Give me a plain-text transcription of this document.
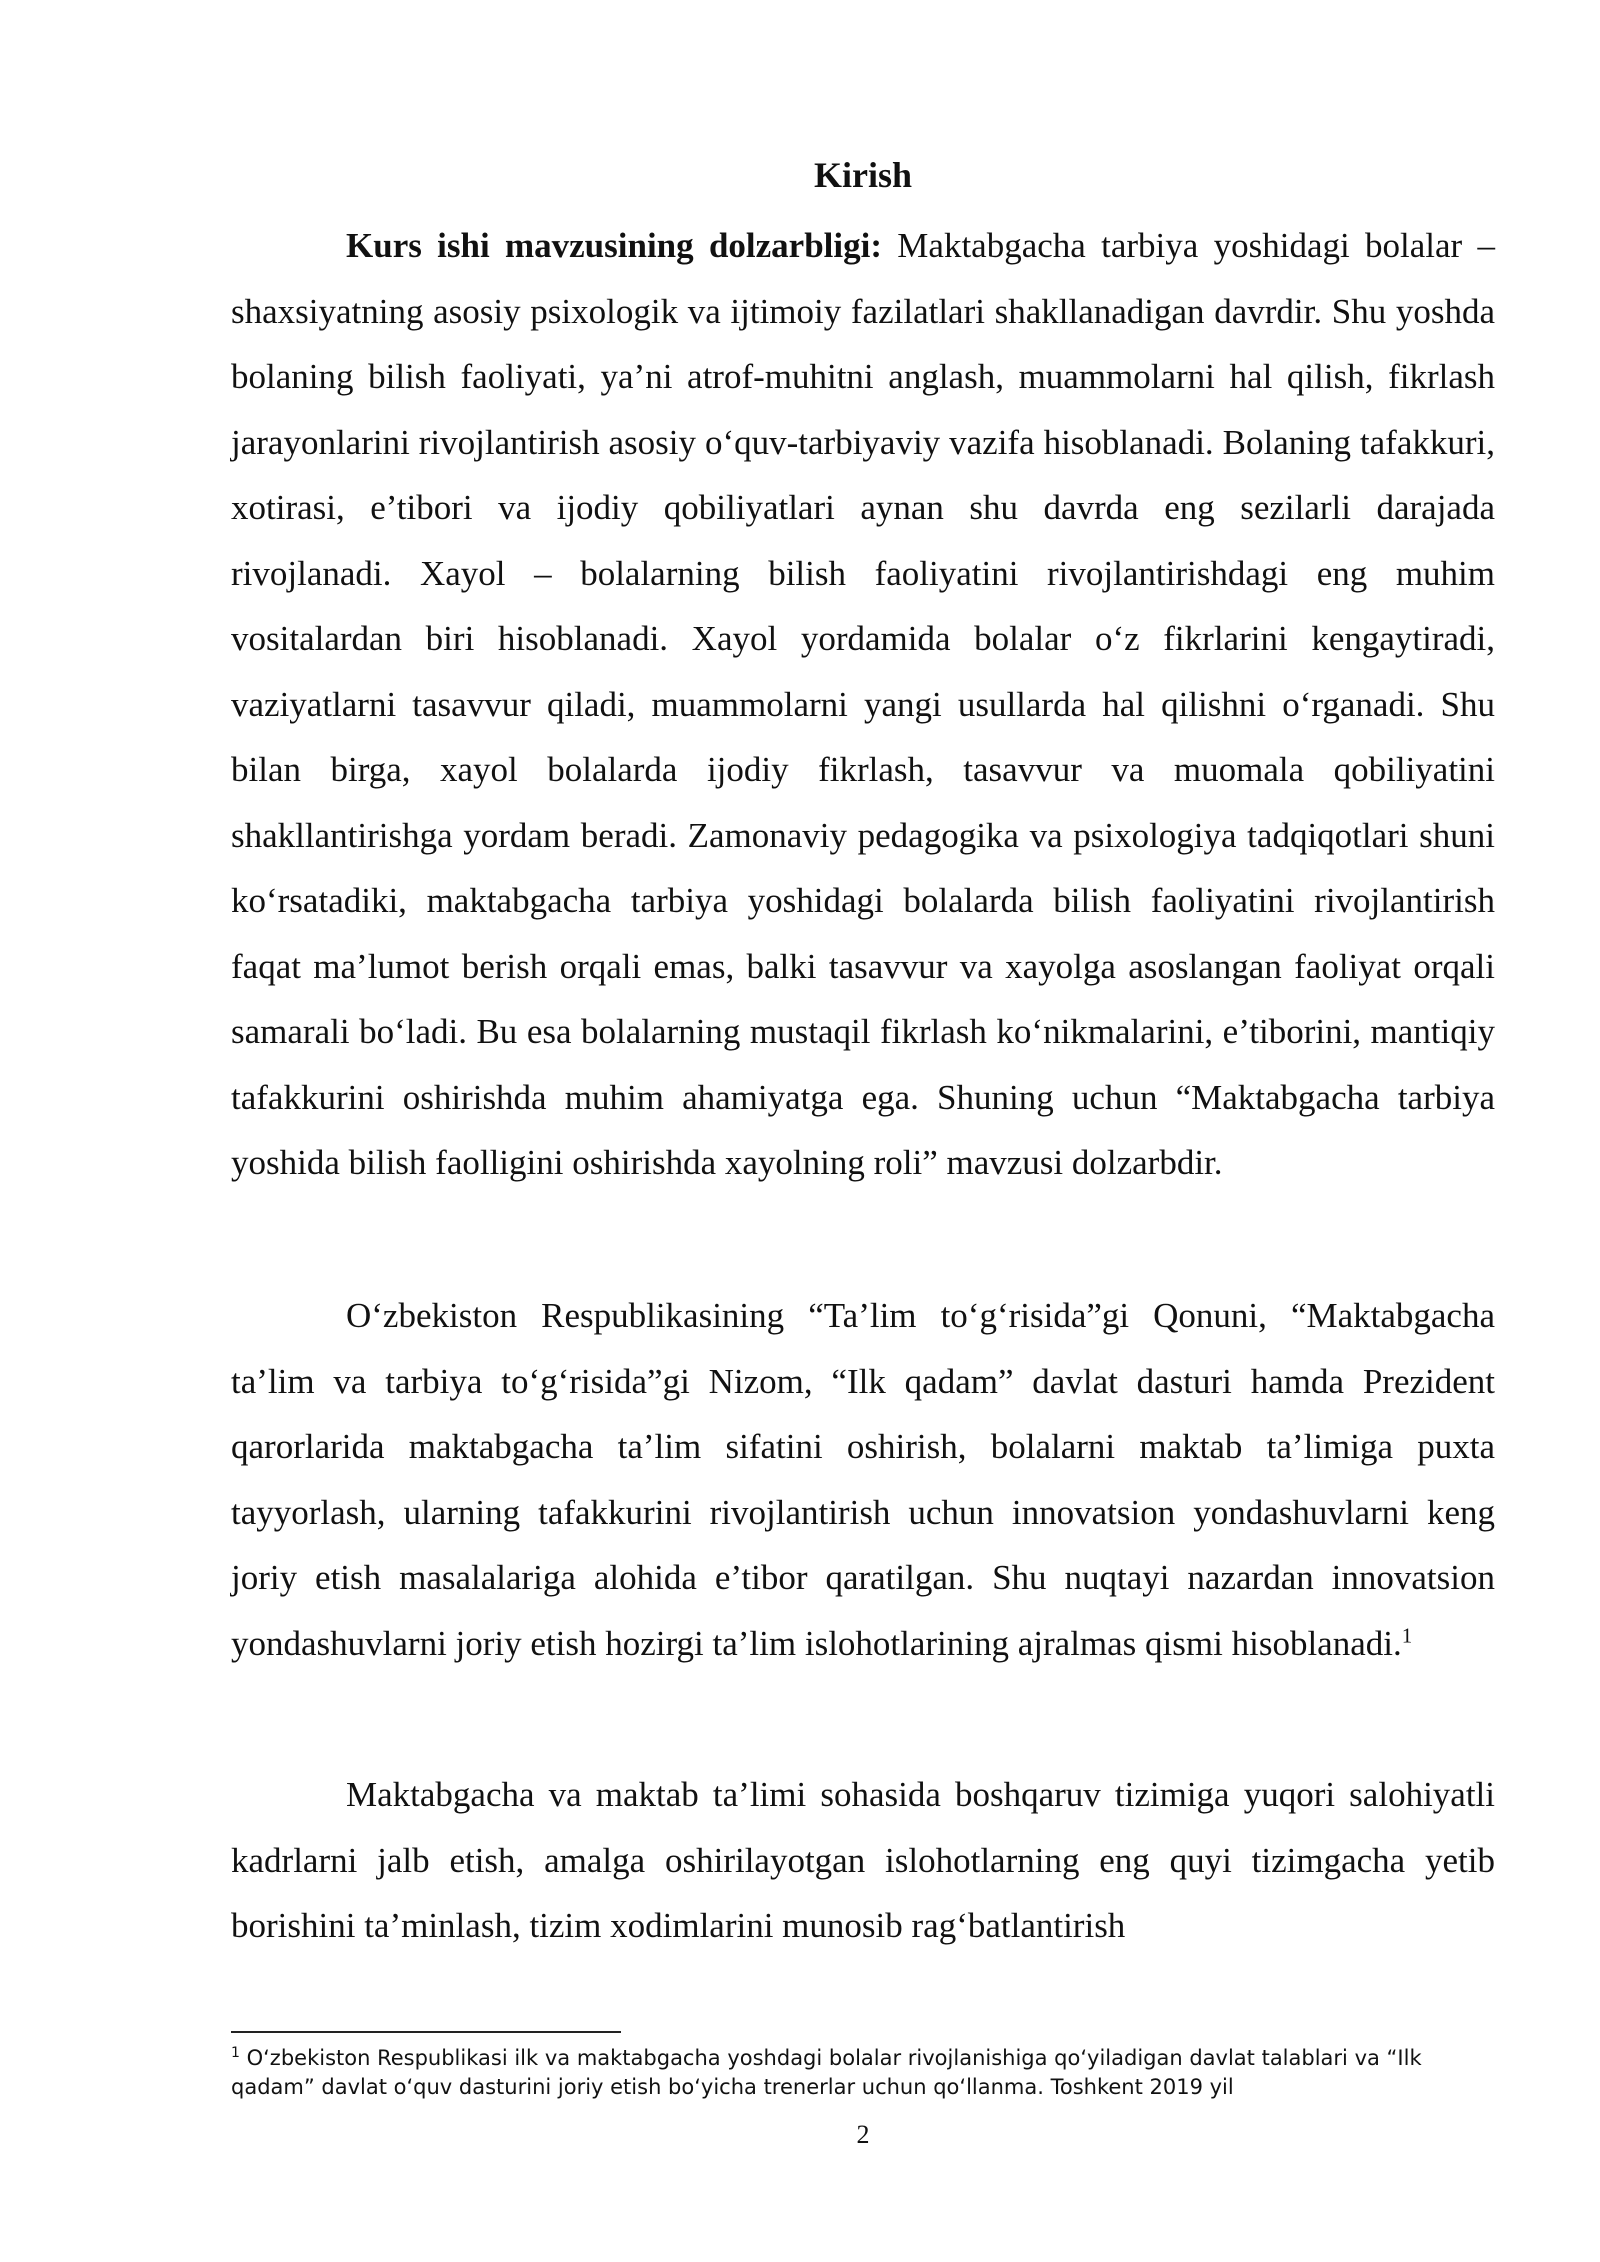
Kirish

Kurs ishi mavzusining dolzarbligi: Maktabgacha tarbiya yoshidagi bolalar – shaxsiyatning asosiy psixologik va ijtimoiy fazilatlari shakllanadigan davrdir. Shu yoshda bolaning bilish faoliyati, ya’ni atrof-muhitni anglash, muammolarni hal qilish, fikrlash jarayonlarini rivojlantirish asosiy o‘quv-tarbiyaviy vazifa hisoblanadi. Bolaning tafakkuri, xotirasi, e’tibori va ijodiy qobiliyatlari aynan shu davrda eng sezilarli darajada rivojlanadi. Xayol – bolalarning bilish faoliyatini rivojlantirishdagi eng muhim vositalardan biri hisoblanadi. Xayol yordamida bolalar o‘z fikrlarini kengaytiradi, vaziyatlarni tasavvur qiladi, muammolarni yangi usullarda hal qilishni o‘rganadi. Shu bilan birga, xayol bolalarda ijodiy fikrlash, tasavvur va muomala qobiliyatini shakllantirishga yordam beradi. Zamonaviy pedagogika va psixologiya tadqiqotlari shuni ko‘rsatadiki, maktabgacha tarbiya yoshidagi bolalarda bilish faoliyatini rivojlantirish faqat ma’lumot berish orqali emas, balki tasavvur va xayolga asoslangan faoliyat orqali samarali bo‘ladi. Bu esa bolalarning mustaqil fikrlash ko‘nikmalarini, e’tiborini, mantiqiy tafakkurini oshirishda muhim ahamiyatga ega. Shuning uchun “Maktabgacha tarbiya yoshida bilish faolligini oshirishda xayolning roli” mavzusi dolzarbdir.

O‘zbekiston Respublikasining “Ta’lim to‘g‘risida”gi Qonuni, “Maktabgacha ta’lim va tarbiya to‘g‘risida”gi Nizom, “Ilk qadam” davlat dasturi hamda Prezident qarorlarida maktabgacha ta’lim sifatini oshirish, bolalarni maktab ta’limiga puxta tayyorlash, ularning tafakkurini rivojlantirish uchun innovatsion yondashuvlarni keng joriy etish masalalariga alohida e’tibor qaratilgan. Shu nuqtayi nazardan innovatsion yondashuvlarni joriy etish hozirgi ta’lim islohotlarining ajralmas qismi hisoblanadi.$^1$

Maktabgacha va maktab ta’limi sohasida boshqaruv tizimiga yuqori salohiyatli kadrlarni jalb etish, amalga oshirilayotgan islohotlarning eng quyi tizimgacha yetib borishini ta’minlash, tizim xodimlarini munosib rag‘batlantirish

$^1$ O‘zbekiston Respublikasi ilk va maktabgacha yoshdagi bolalar rivojlanishiga qo‘yiladigan davlat talablari va “Ilk qadam” davlat o‘quv dasturini joriy etish bo‘yicha trenerlar uchun qo‘llanma. Toshkent 2019 yil

2
